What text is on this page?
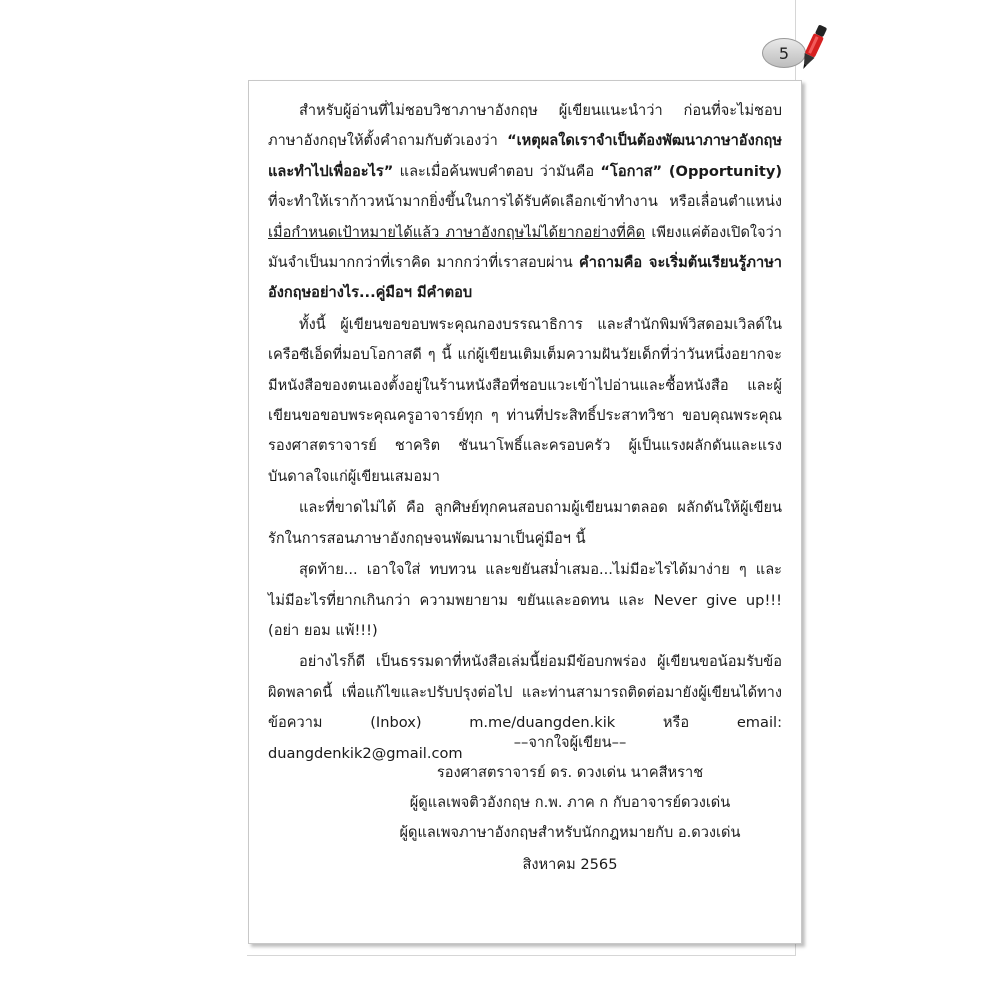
5

สำหรับผู้อ่านที่ไม่ชอบวิชาภาษาอังกฤษ ผู้เขียนแนะนำว่า ก่อนที่จะไม่ชอบภาษาอังกฤษให้ตั้งคำถามกับตัวเองว่า “เหตุผลใดเราจำเป็นต้องพัฒนาภาษาอังกฤษ และทำไปเพื่ออะไร” และเมื่อค้นพบคำตอบ ว่ามันคือ “โอกาส” (Opportunity) ที่จะทำให้เราก้าวหน้ามากยิ่งขึ้นในการได้รับคัดเลือกเข้าทำงาน หรือเลื่อนตำแหน่ง เมื่อกำหนดเป้าหมายได้แล้ว ภาษาอังกฤษไม่ได้ยากอย่างที่คิด เพียงแค่ต้องเปิดใจว่ามันจำเป็นมากกว่าที่เราคิด มากกว่าที่เราสอบผ่าน คำถามคือ จะเริ่มต้นเรียนรู้ภาษาอังกฤษอย่างไร...คู่มือฯ มีคำตอบ

ทั้งนี้ ผู้เขียนขอขอบพระคุณกองบรรณาธิการ และสำนักพิมพ์วิสดอมเวิลด์ในเครือซีเอ็ดที่มอบโอกาสดี ๆ นี้ แก่ผู้เขียนเติมเต็มความฝันวัยเด็กที่ว่าวันหนึ่งอยากจะมีหนังสือของตนเองตั้งอยู่ในร้านหนังสือที่ชอบแวะเข้าไปอ่านและซื้อหนังสือ และผู้เขียนขอขอบพระคุณครูอาจารย์ทุก ๆ ท่านที่ประสิทธิ์ประสาทวิชา ขอบคุณพระคุณ รองศาสตราจารย์ ชาคริต ชันนาโพธิ์และครอบครัว ผู้เป็นแรงผลักดันและแรงบันดาลใจแก่ผู้เขียนเสมอมา

และที่ขาดไม่ได้ คือ ลูกศิษย์ทุกคนสอบถามผู้เขียนมาตลอด ผลักดันให้ผู้เขียนรักในการสอนภาษาอังกฤษจนพัฒนามาเป็นคู่มือฯ นี้

สุดท้าย... เอาใจใส่ ทบทวน และขยันสม่ำเสมอ...ไม่มีอะไรได้มาง่าย ๆ และไม่มีอะไรที่ยากเกินกว่า ความพยายาม ขยันและอดทน และ Never give up!!! (อย่า ยอม แพ้!!!)

อย่างไรก็ดี เป็นธรรมดาที่หนังสือเล่มนี้ย่อมมีข้อบกพร่อง ผู้เขียนขอน้อมรับข้อผิดพลาดนี้ เพื่อแก้ไขและปรับปรุงต่อไป และท่านสามารถติดต่อมายังผู้เขียนได้ทางข้อความ (Inbox) m.me/duangden.kik หรือ email: duangdenkik2@gmail.com

––จากใจผู้เขียน––
รองศาสตราจารย์ ดร. ดวงเด่น นาคสีหราช
ผู้ดูแลเพจติวอังกฤษ ก.พ. ภาค ก กับอาจารย์ดวงเด่น
ผู้ดูแลเพจภาษาอังกฤษสำหรับนักกฎหมายกับ อ.ดวงเด่น
สิงหาคม 2565
